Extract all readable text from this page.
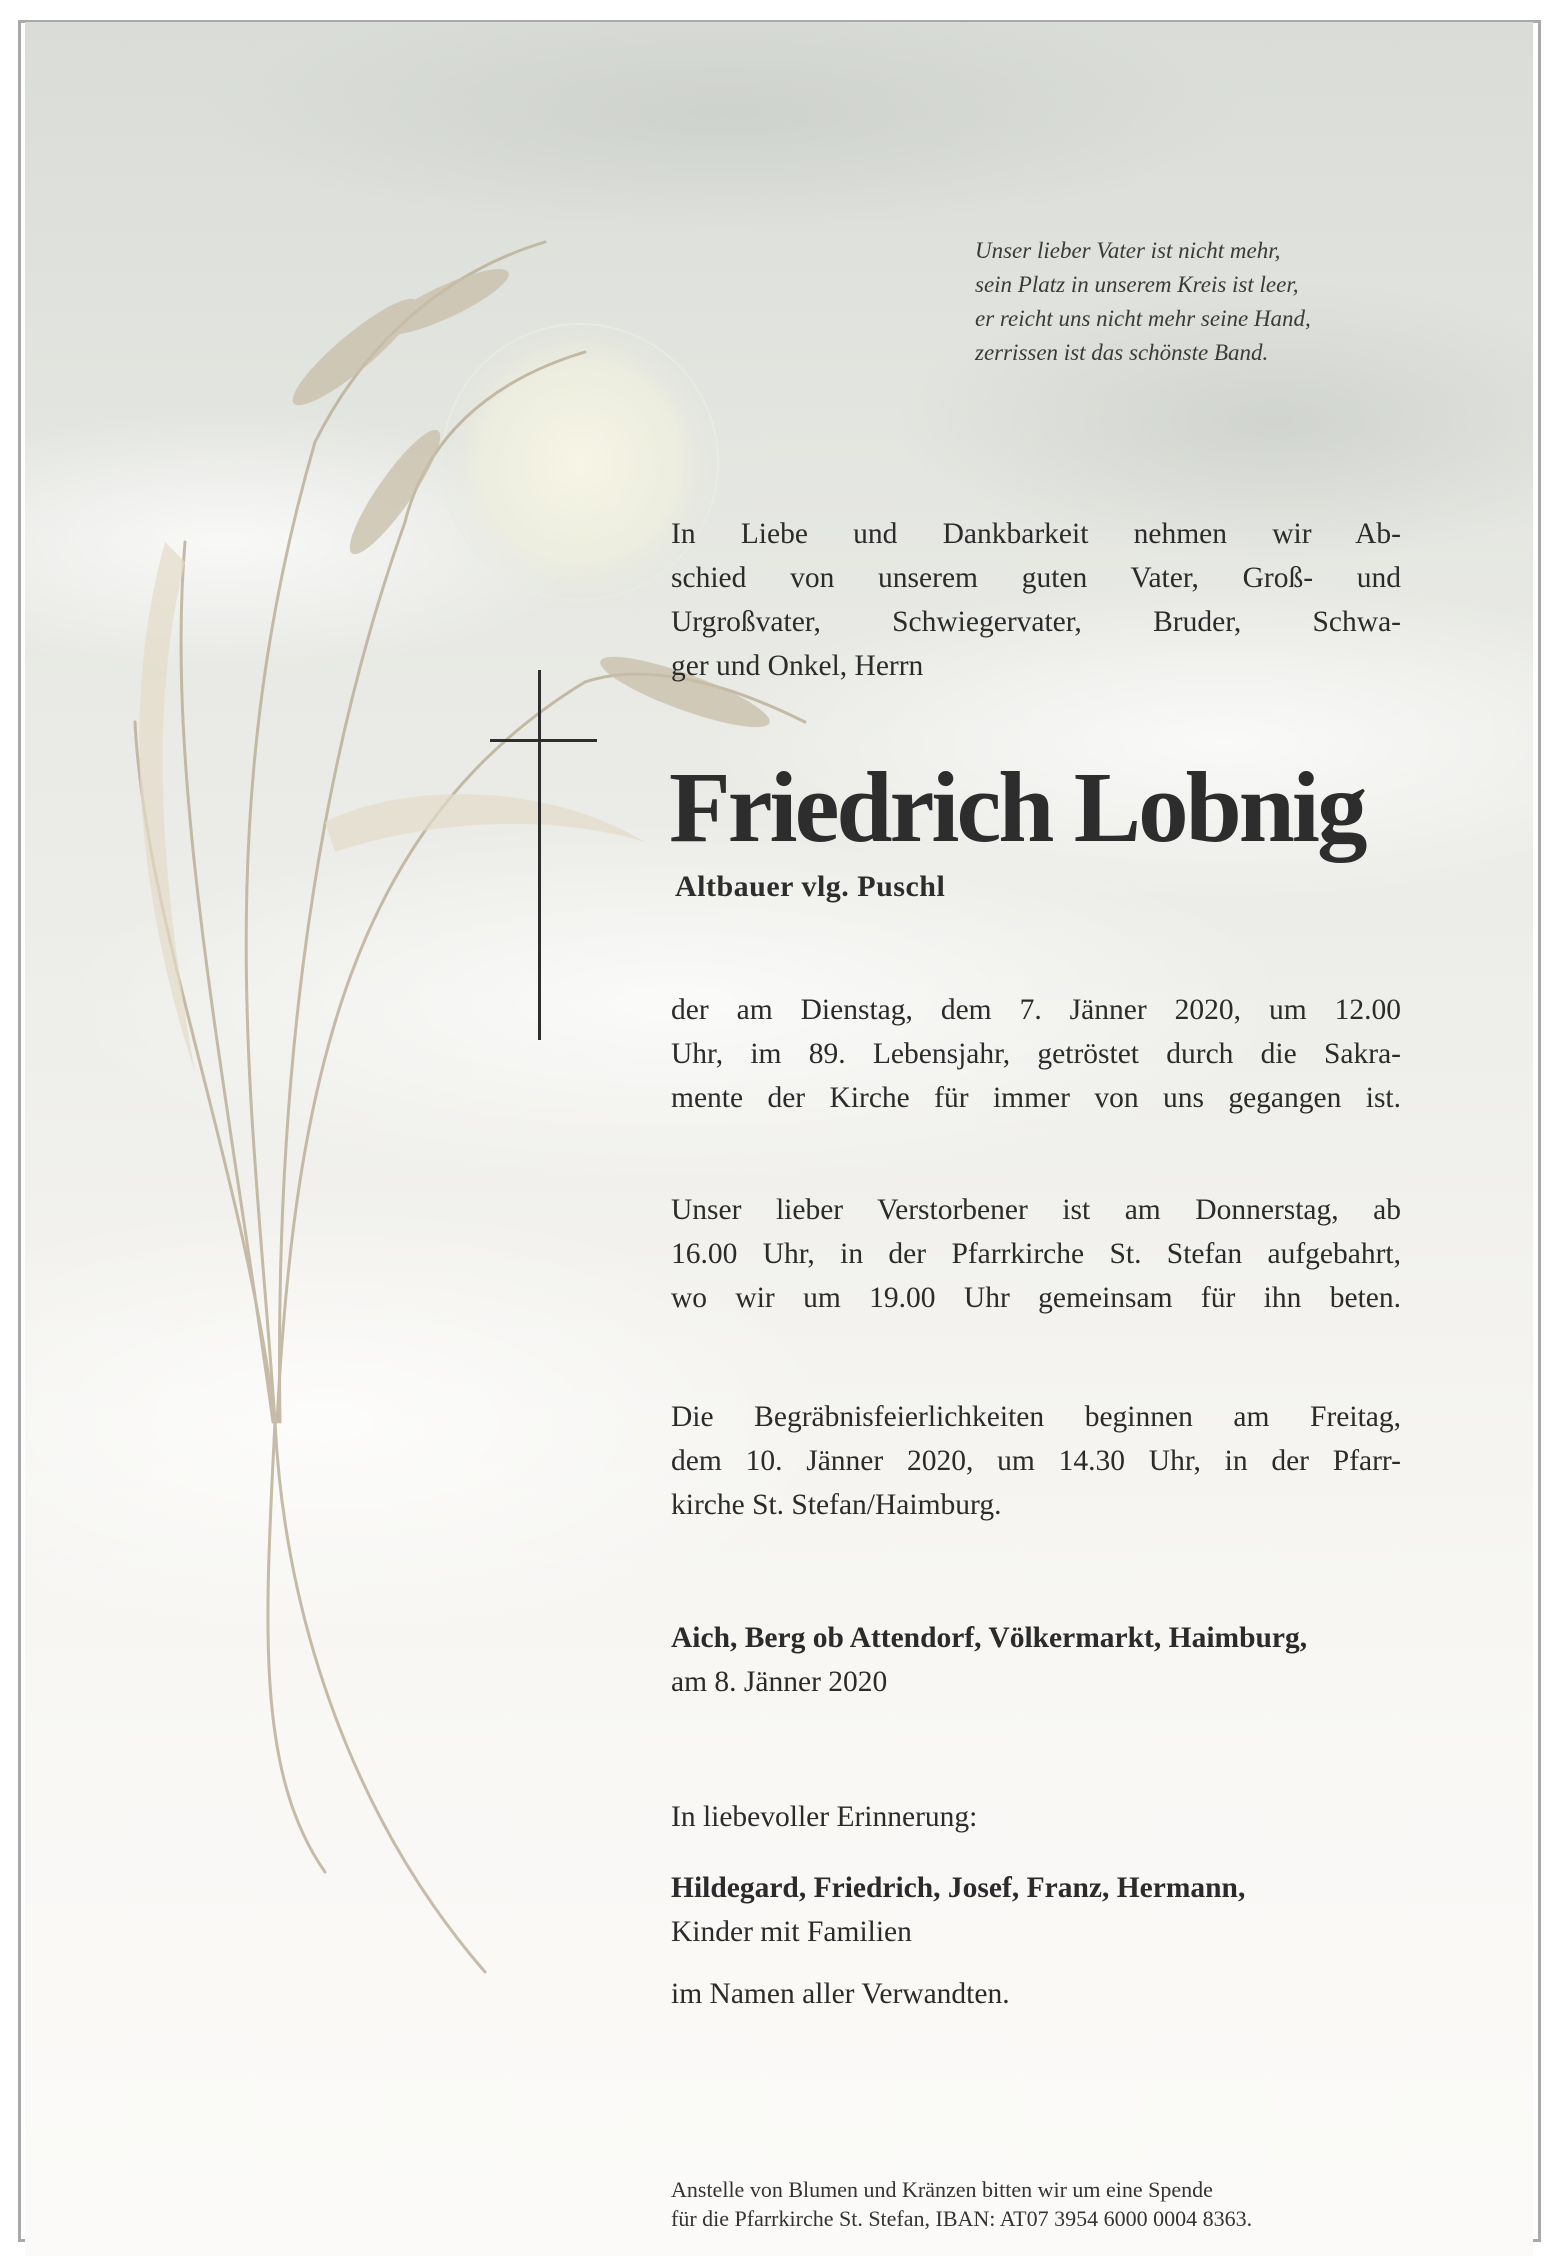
Unser lieber Vater ist nicht mehr,
sein Platz in unserem Kreis ist leer,
er reicht uns nicht mehr seine Hand,
zerrissen ist das schönste Band.
In Liebe und Dankbarkeit nehmen wir Ab-
schied von unserem guten Vater, Groß- und
Urgroßvater, Schwiegervater, Bruder, Schwa-
ger und Onkel, Herrn
Friedrich Lobnig
Altbauer vlg. Puschl
der am Dienstag, dem 7. Jänner 2020, um 12.00
Uhr, im 89. Lebensjahr, getröstet durch die Sakra-
mente der Kirche für immer von uns gegangen ist.
Unser lieber Verstorbener ist am Donnerstag, ab
16.00 Uhr, in der Pfarrkirche St. Stefan aufgebahrt,
wo wir um 19.00 Uhr gemeinsam für ihn beten.
Die Begräbnisfeierlichkeiten beginnen am Freitag,
dem 10. Jänner 2020, um 14.30 Uhr, in der Pfarr-
kirche St. Stefan/Haimburg.
Aich, Berg ob Attendorf, Völkermarkt, Haimburg,
am 8. Jänner 2020
In liebevoller Erinnerung:
Hildegard, Friedrich, Josef, Franz, Hermann,
Kinder mit Familien
im Namen aller Verwandten.
Anstelle von Blumen und Kränzen bitten wir um eine Spende
für die Pfarrkirche St. Stefan, IBAN: AT07 3954 6000 0004 8363.
